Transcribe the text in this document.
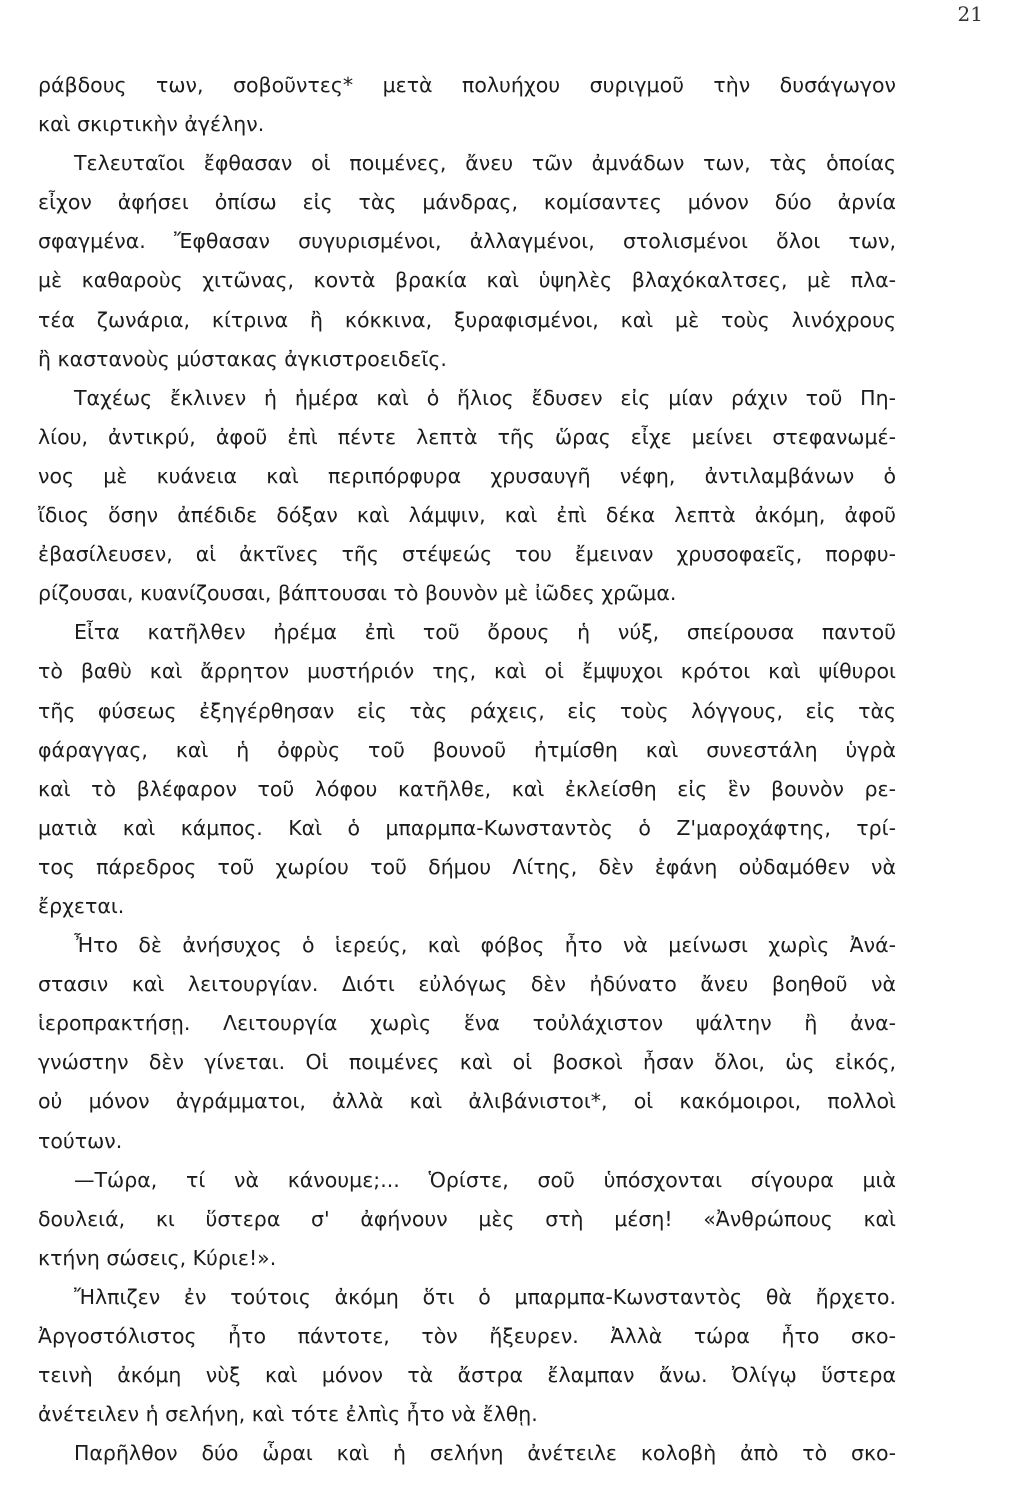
21
ράβδους των, σοβοῦντες* μετὰ πολυήχου συριγμοῦ τὴν δυσάγωγον
καὶ σκιρτικὴν ἀγέλην.
Τελευταῖοι ἔφθασαν οἱ ποιμένες, ἄνευ τῶν ἀμνάδων των, τὰς ὁποίας
εἶχον ἀφήσει ὀπίσω εἰς τὰς μάνδρας, κομίσαντες μόνον δύο ἀρνία
σφαγμένα. Ἔφθασαν συγυρισμένοι, ἀλλαγμένοι, στολισμένοι ὅλοι των,
μὲ καθαροὺς χιτῶνας, κοντὰ βρακία καὶ ὑψηλὲς βλαχόκαλτσες, μὲ πλα-
τέα ζωνάρια, κίτρινα ἢ κόκκινα, ξυραφισμένοι, καὶ μὲ τοὺς λινόχρους
ἢ καστανοὺς μύστακας ἀγκιστροειδεῖς.
Ταχέως ἔκλινεν ἡ ἡμέρα καὶ ὁ ἥλιος ἔδυσεν εἰς μίαν ράχιν τοῦ Πη-
λίου, ἀντικρύ, ἀφοῦ ἐπὶ πέντε λεπτὰ τῆς ὥρας εἶχε μείνει στεφανωμέ-
νος μὲ κυάνεια καὶ περιπόρφυρα χρυσαυγῆ νέφη, ἀντιλαμβάνων ὁ
ἴδιος ὅσην ἀπέδιδε δόξαν καὶ λάμψιν, καὶ ἐπὶ δέκα λεπτὰ ἀκόμη, ἀφοῦ
ἐβασίλευσεν, αἱ ἀκτῖνες τῆς στέψεώς του ἔμειναν χρυσοφαεῖς, πορφυ-
ρίζουσαι, κυανίζουσαι, βάπτουσαι τὸ βουνὸν μὲ ἰῶδες χρῶμα.
Εἶτα κατῆλθεν ἠρέμα ἐπὶ τοῦ ὄρους ἡ νύξ, σπείρουσα παντοῦ
τὸ βαθὺ καὶ ἄρρητον μυστήριόν της, καὶ οἱ ἔμψυχοι κρότοι καὶ ψίθυροι
τῆς φύσεως ἐξηγέρθησαν εἰς τὰς ράχεις, εἰς τοὺς λόγγους, εἰς τὰς
φάραγγας, καὶ ἡ ὀφρὺς τοῦ βουνοῦ ἠτμίσθη καὶ συνεστάλη ὑγρὰ
καὶ τὸ βλέφαρον τοῦ λόφου κατῆλθε, καὶ ἐκλείσθη εἰς ἓν βουνὸν ρε-
ματιὰ καὶ κάμπος. Καὶ ὁ μπαρμπα-Κωνσταντὸς ὁ Ζ'μαροχάφτης, τρί-
τος πάρεδρος τοῦ χωρίου τοῦ δήμου Λίτης, δὲν ἐφάνη οὐδαμόθεν νὰ
ἔρχεται.
Ἦτο δὲ ἀνήσυχος ὁ ἱερεύς, καὶ φόβος ἦτο νὰ μείνωσι χωρὶς Ἀνά-
στασιν καὶ λειτουργίαν. Διότι εὐλόγως δὲν ἠδύνατο ἄνευ βοηθοῦ νὰ
ἱεροπρακτήσῃ. Λειτουργία χωρὶς ἕνα τοὐλάχιστον ψάλτην ἢ ἀνα-
γνώστην δὲν γίνεται. Οἱ ποιμένες καὶ οἱ βοσκοὶ ἦσαν ὅλοι, ὡς εἰκός,
οὐ μόνον ἀγράμματοι, ἀλλὰ καὶ ἀλιβάνιστοι*, οἱ κακόμοιροι, πολλοὶ
τούτων.
—Τώρα, τί νὰ κάνουμε;... Ὁρίστε, σοῦ ὑπόσχονται σίγουρα μιὰ
δουλειά, κι ὕστερα σ' ἀφήνουν μὲς στὴ μέση! «Ἀνθρώπους καὶ
κτήνη σώσεις, Κύριε!».
Ἤλπιζεν ἐν τούτοις ἀκόμη ὅτι ὁ μπαρμπα-Κωνσταντὸς θὰ ἤρχετο.
Ἀργοστόλιστος ἦτο πάντοτε, τὸν ἤξευρεν. Ἀλλὰ τώρα ἦτο σκο-
τεινὴ ἀκόμη νὺξ καὶ μόνον τὰ ἄστρα ἔλαμπαν ἄνω. Ὀλίγῳ ὕστερα
ἀνέτειλεν ἡ σελήνη, καὶ τότε ἐλπὶς ἦτο νὰ ἔλθῃ.
Παρῆλθον δύο ὧραι καὶ ἡ σελήνη ἀνέτειλε κολοβὴ ἀπὸ τὸ σκο-
